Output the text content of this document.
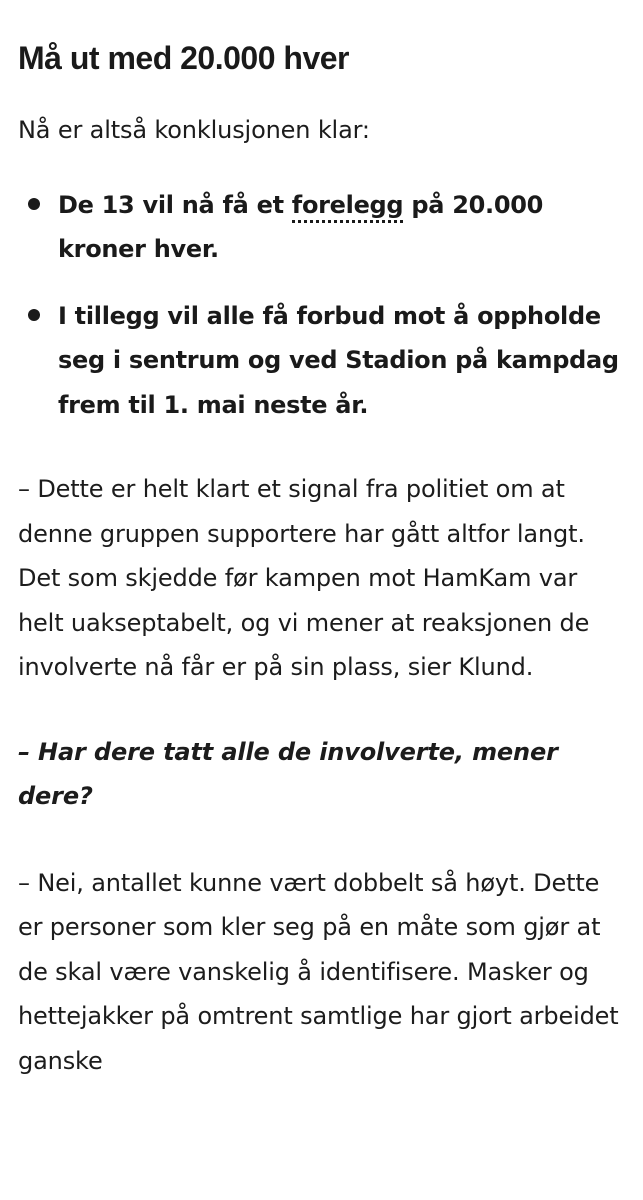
Må ut med 20.000 hver

Nå er altså konklusjonen klar:

De 13 vil nå få et forelegg på 20.000 kroner hver.
I tillegg vil alle få forbud mot å oppholde seg i sentrum og ved Stadion på kampdag frem til 1. mai neste år.

– Dette er helt klart et signal fra politiet om at denne gruppen supportere har gått altfor langt. Det som skjedde før kampen mot HamKam var helt uakseptabelt, og vi mener at reaksjonen de involverte nå får er på sin plass, sier Klund.

– Har dere tatt alle de involverte, mener dere?

– Nei, antallet kunne vært dobbelt så høyt. Dette er personer som kler seg på en måte som gjør at de skal være vanskelig å identifisere. Masker og hettejakker på omtrent samtlige har gjort arbeidet ganske
